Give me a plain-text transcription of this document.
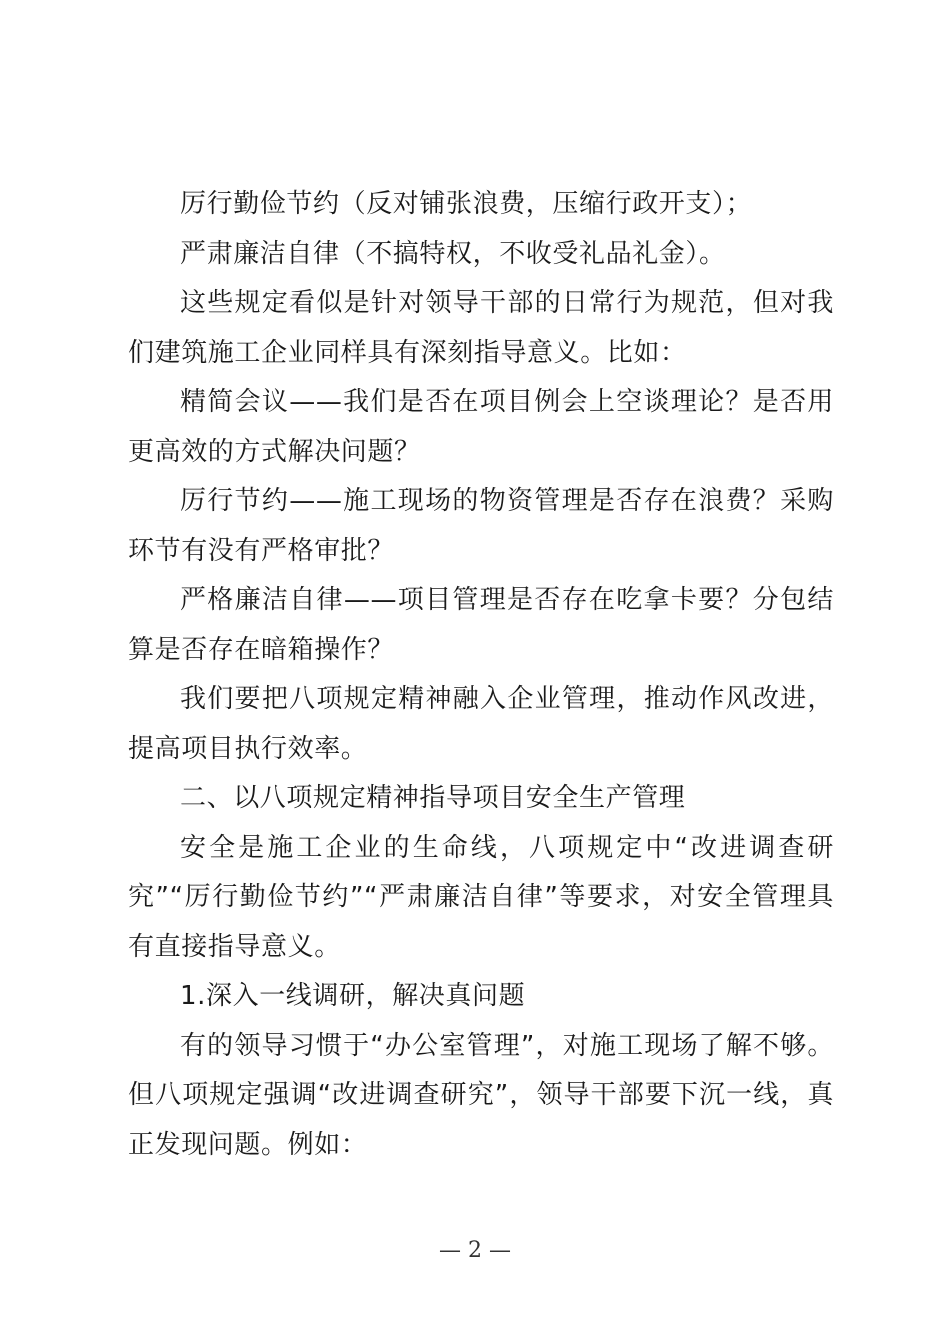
厉行勤俭节约（反对铺张浪费，压缩行政开支）；

严肃廉洁自律（不搞特权，不收受礼品礼金）。

这些规定看似是针对领导干部的日常行为规范，但对我们建筑施工企业同样具有深刻指导意义。比如：

精简会议——我们是否在项目例会上空谈理论？是否用更高效的方式解决问题？

厉行节约——施工现场的物资管理是否存在浪费？采购环节有没有严格审批？

严格廉洁自律——项目管理是否存在吃拿卡要？分包结算是否存在暗箱操作？

我们要把八项规定精神融入企业管理，推动作风改进，提高项目执行效率。

二、以八项规定精神指导项目安全生产管理

安全是施工企业的生命线，八项规定中“改进调查研究”“厉行勤俭节约”“严肃廉洁自律”等要求，对安全管理具有直接指导意义。

1.深入一线调研，解决真问题

有的领导习惯于“办公室管理”，对施工现场了解不够。但八项规定强调“改进调查研究”，领导干部要下沉一线，真正发现问题。例如：

— 2 —
